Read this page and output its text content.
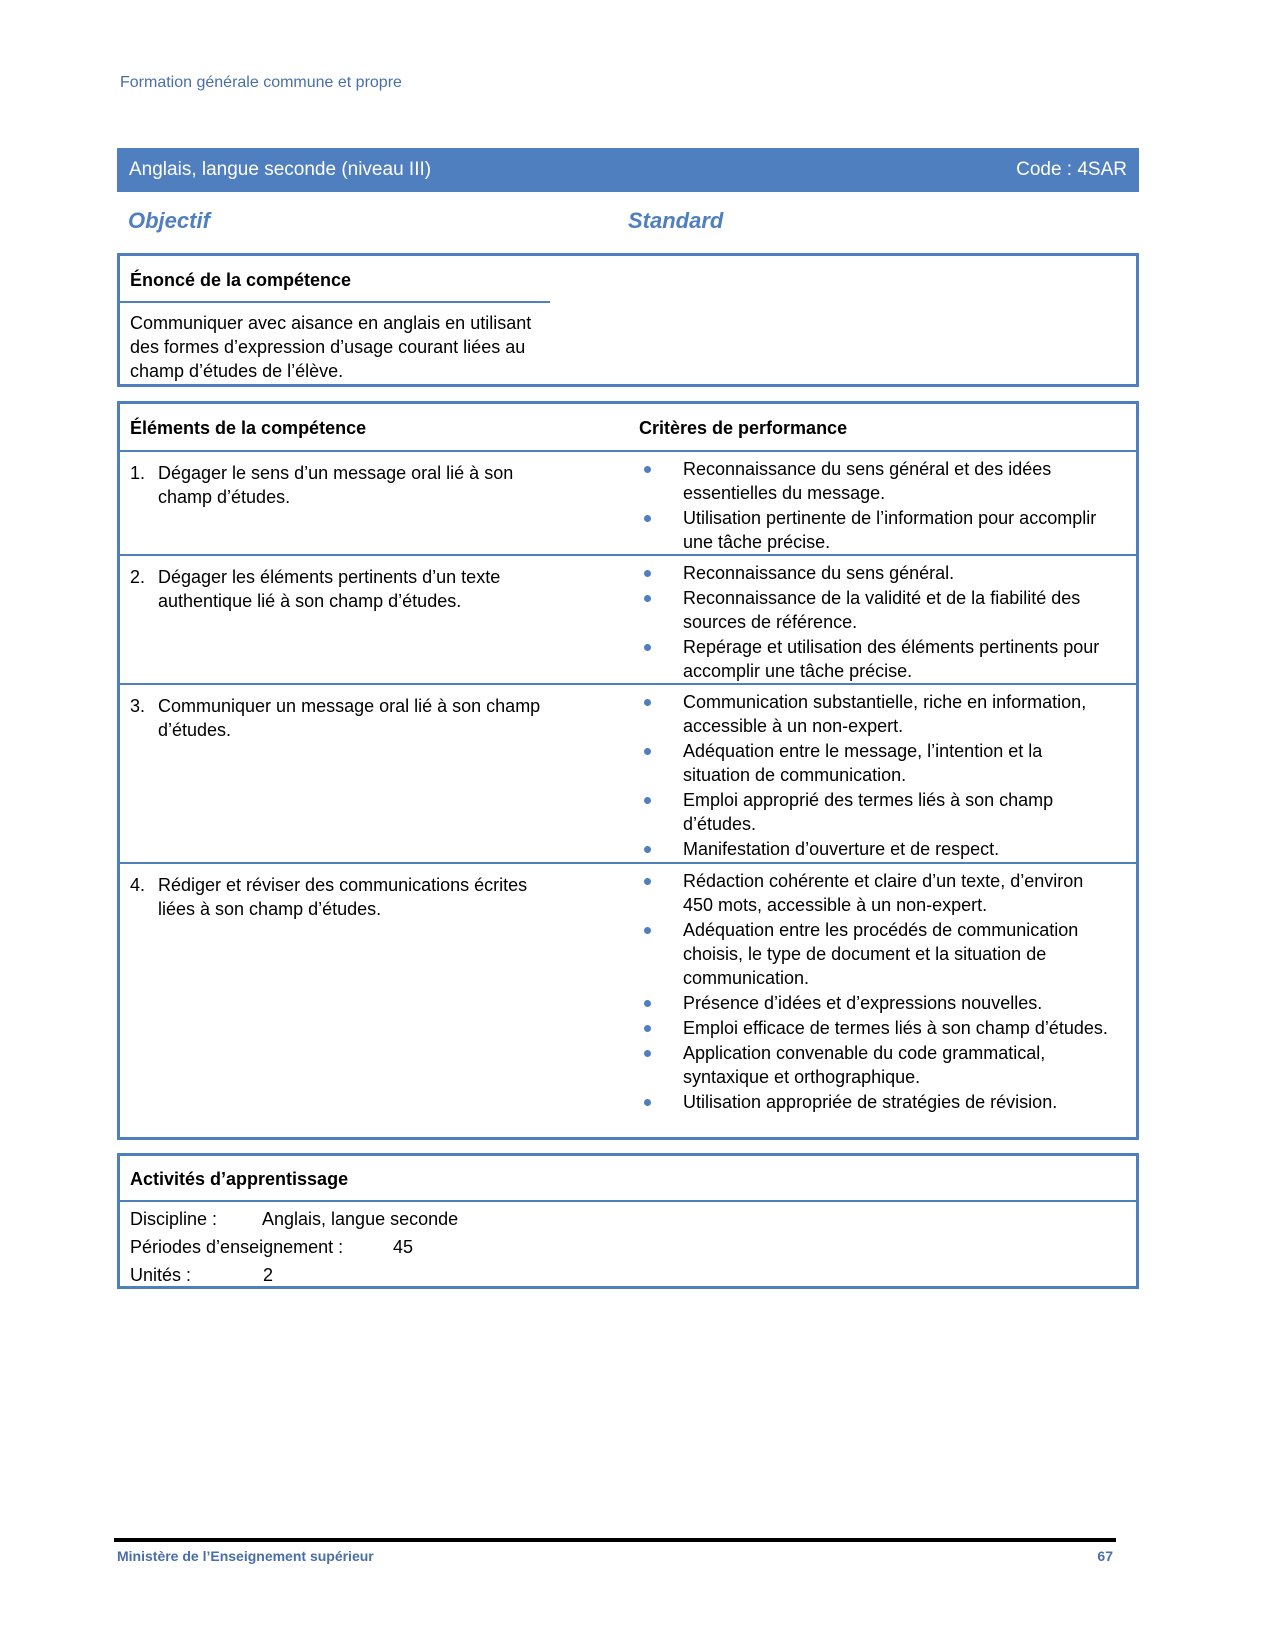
Formation générale commune et propre
Anglais, langue seconde (niveau III)	Code : 4SAR
Objectif	Standard
Énoncé de la compétence
Communiquer avec aisance en anglais en utilisant des formes d’expression d’usage courant liées au champ d’études de l’élève.
Éléments de la compétence	Critères de performance
1. Dégager le sens d’un message oral lié à son champ d’études.
Reconnaissance du sens général et des idées essentielles du message.
Utilisation pertinente de l’information pour accomplir une tâche précise.
2. Dégager les éléments pertinents d’un texte authentique lié à son champ d’études.
Reconnaissance du sens général.
Reconnaissance de la validité et de la fiabilité des sources de référence.
Repérage et utilisation des éléments pertinents pour accomplir une tâche précise.
3. Communiquer un message oral lié à son champ d’études.
Communication substantielle, riche en information, accessible à un non-expert.
Adéquation entre le message, l’intention et la situation de communication.
Emploi approprié des termes liés à son champ d’études.
Manifestation d’ouverture et de respect.
4. Rédiger et réviser des communications écrites liées à son champ d’études.
Rédaction cohérente et claire d’un texte, d’environ 450 mots, accessible à un non-expert.
Adéquation entre les procédés de communication choisis, le type de document et la situation de communication.
Présence d’idées et d’expressions nouvelles.
Emploi efficace de termes liés à son champ d’études.
Application convenable du code grammatical, syntaxique et orthographique.
Utilisation appropriée de stratégies de révision.
Activités d’apprentissage
Discipline :	Anglais, langue seconde
Périodes d’enseignement :	45
Unités :	2
Ministère de l’Enseignement supérieur	67
